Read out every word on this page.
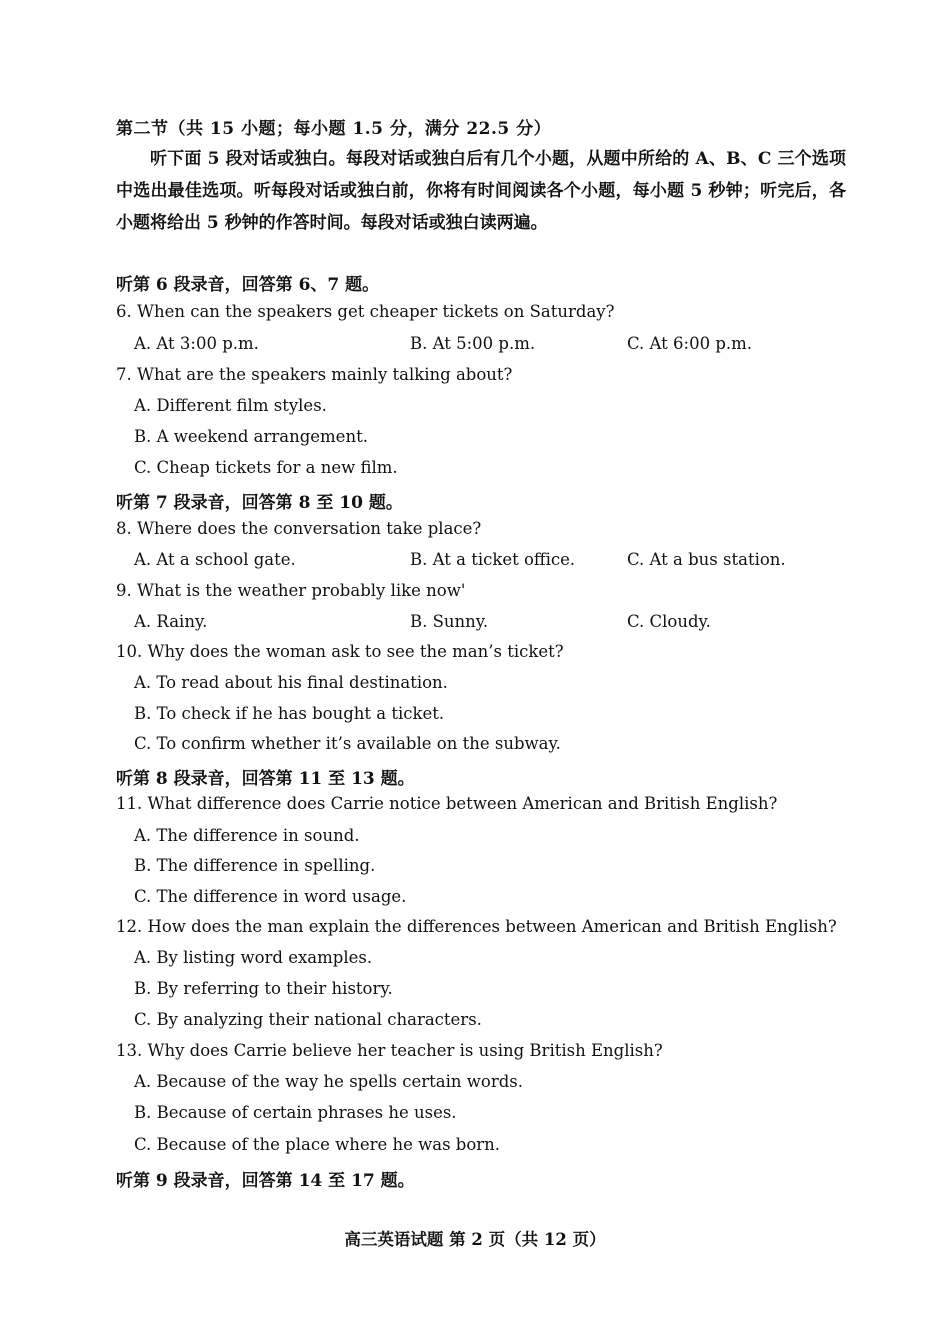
第二节（共 15 小题；每小题 1.5 分，满分 22.5 分）
听下面 5 段对话或独白。每段对话或独白后有几个小题，从题中所给的 A、B、C 三个选项中选出最佳选项。听每段对话或独白前，你将有时间阅读各个小题，每小题 5 秒钟；听完后，各小题将给出 5 秒钟的作答时间。每段对话或独白读两遍。
听第 6 段录音，回答第 6、7 题。
6. When can the speakers get cheaper tickets on Saturday?
A. At 3:00 p.m.	B. At 5:00 p.m.	C. At 6:00 p.m.
7. What are the speakers mainly talking about?
A. Different film styles.
B. A weekend arrangement.
C. Cheap tickets for a new film.
听第 7 段录音，回答第 8 至 10 题。
8. Where does the conversation take place?
A. At a school gate.	B. At a ticket office.	C. At a bus station.
9. What is the weather probably like now'
A. Rainy.	B. Sunny.	C. Cloudy.
10. Why does the woman ask to see the man’s ticket?
A. To read about his final destination.
B. To check if he has bought a ticket.
C. To confirm whether it’s available on the subway.
听第 8 段录音，回答第 11 至 13 题。
11. What difference does Carrie notice between American and British English?
A. The difference in sound.
B. The difference in spelling.
C. The difference in word usage.
12. How does the man explain the differences between American and British English?
A. By listing word examples.
B. By referring to their history.
C. By analyzing their national characters.
13. Why does Carrie believe her teacher is using British English?
A. Because of the way he spells certain words.
B. Because of certain phrases he uses.
C. Because of the place where he was born.
听第 9 段录音，回答第 14 至 17 题。
高三英语试题 第 2 页（共 12 页）
